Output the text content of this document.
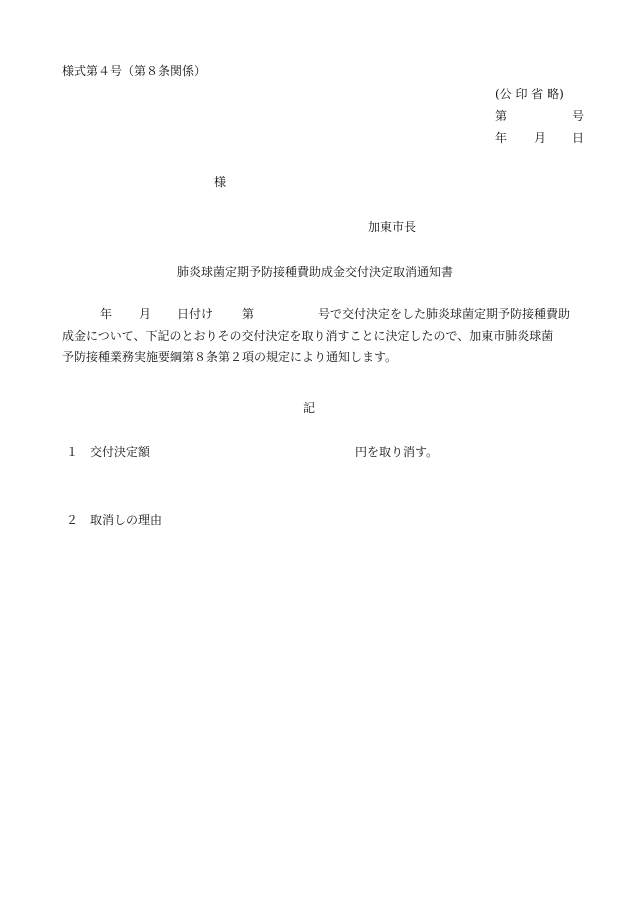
様式第４号（第８条関係）
(公 印 省 略)
第	号
年 月 日
様
加東市長
肺炎球菌定期予防接種費助成金交付決定取消通知書
年 月 日付け 第	号で交付決定をした肺炎球菌定期予防接種費助
成金について、下記のとおりその交付決定を取り消すことに決定したので、加東市肺炎球菌
予防接種業務実施要綱第８条第２項の規定により通知します。
記
１ 交付決定額	円を取り消す。
２ 取消しの理由
